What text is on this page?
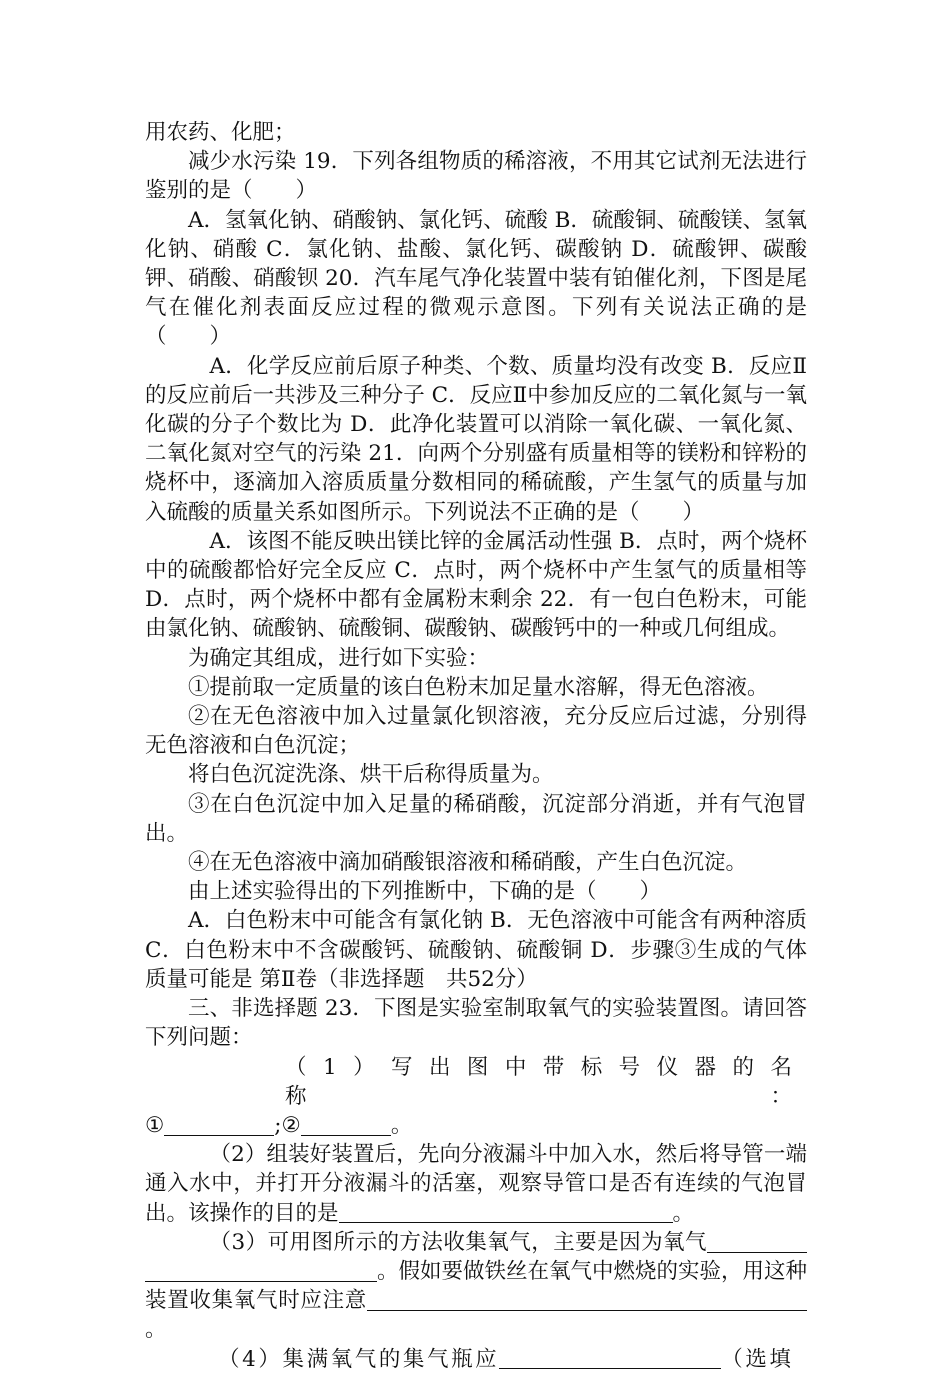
用农药、化肥；

减少水污染 19．下列各组物质的稀溶液，不用其它试剂无法进行鉴别的是（　　）

A．氢氧化钠、硝酸钠、氯化钙、硫酸 B．硫酸铜、硫酸镁、氢氧化钠、硝酸 C．氯化钠、盐酸、氯化钙、碳酸钠 D．硫酸钾、碳酸钾、硝酸、硝酸钡 20．汽车尾气净化装置中装有铂催化剂，下图是尾气在催化剂表面反应过程的微观示意图。下列有关说法正确的是（　　）

A．化学反应前后原子种类、个数、质量均没有改变 B．反应Ⅱ的反应前后一共涉及三种分子 C．反应Ⅱ中参加反应的二氧化氮与一氧化碳的分子个数比为 D．此净化装置可以消除一氧化碳、一氧化氮、二氧化氮对空气的污染 21．向两个分别盛有质量相等的镁粉和锌粉的烧杯中，逐滴加入溶质质量分数相同的稀硫酸，产生氢气的质量与加入硫酸的质量关系如图所示。下列说法不正确的是（　　）

A．该图不能反映出镁比锌的金属活动性强 B．点时，两个烧杯中的硫酸都恰好完全反应 C．点时，两个烧杯中产生氢气的质量相等 D．点时，两个烧杯中都有金属粉末剩余 22．有一包白色粉末，可能由氯化钠、硫酸钠、硫酸铜、碳酸钠、碳酸钙中的一种或几何组成。

为确定其组成，进行如下实验：

①提前取一定质量的该白色粉末加足量水溶解，得无色溶液。

②在无色溶液中加入过量氯化钡溶液，充分反应后过滤，分别得无色溶液和白色沉淀；

将白色沉淀洗涤、烘干后称得质量为。

③在白色沉淀中加入足量的稀硝酸，沉淀部分消逝，并有气泡冒出。

④在无色溶液中滴加硝酸银溶液和稀硝酸，产生白色沉淀。

由上述实验得出的下列推断中，下确的是（　　）

A．白色粉末中可能含有氯化钠 B．无色溶液中可能含有两种溶质 C．白色粉末中不含碳酸钙、硫酸钠、硫酸铜 D．步骤③生成的气体质量可能是 第Ⅱ卷（非选择题　共52分）

三、非选择题 23．下图是实验室制取氧气的实验装置图。请回答下列问题：

（1）写出图中带标号仪器的名称：

①	;②	。

（2）组装好装置后，先向分液漏斗中加入水，然后将导管一端通入水中，并打开分液漏斗的活塞，观察导管口是否有连续的气泡冒出。该操作的目的是	。

（3）可用图所示的方法收集氧气，主要是因为氧气。假如要做铁丝在氧气中燃烧的实验，用这种装置收集氧气时应注意。

（4）集满氧气的集气瓶应	（选填
